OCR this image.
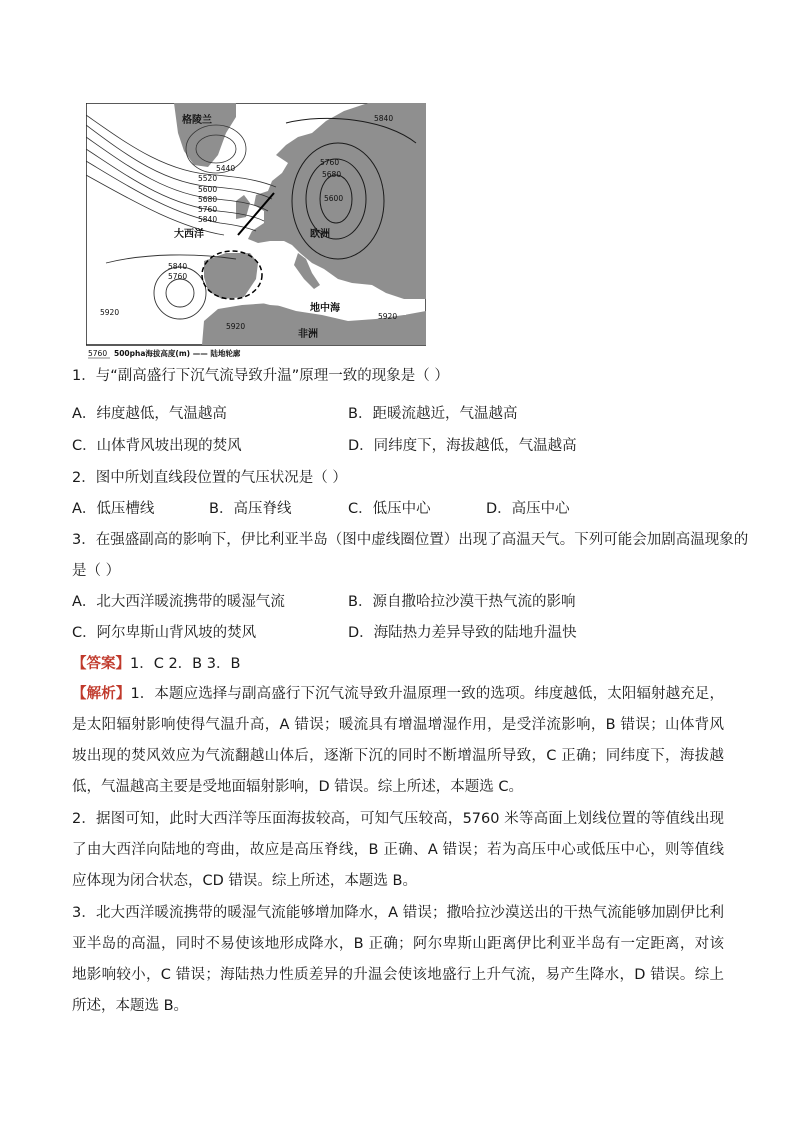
格陵兰
大西洋	欧洲
地中海
非洲
5440
5520
5600
5680
5760
5840
5840
5760
5680
5600
5840
5760
5920
5920
5920
5760 500pha海拔高度(m) —— 陆地轮廓
1．与“副高盛行下沉气流导致升温”原理一致的现象是（ ）
A．纬度越低，气温越高	B．距暖流越近，气温越高
C．山体背风坡出现的焚风	D．同纬度下，海拔越低，气温越高
2．图中所划直线段位置的气压状况是（ ）
A．低压槽线	B．高压脊线	C．低压中心	D．高压中心
3．在强盛副高的影响下，伊比利亚半岛（图中虚线圈位置）出现了高温天气。下列可能会加剧高温现象的
是（ ）
A．北大西洋暖流携带的暖湿气流	B．源自撒哈拉沙漠干热气流的影响
C．阿尔卑斯山背风坡的焚风	D．海陆热力差异导致的陆地升温快
【答案】1．C 2．B 3．B
【解析】1．本题应选择与副高盛行下沉气流导致升温原理一致的选项。纬度越低，太阳辐射越充足，是太阳辐射影响使得气温升高，A 错误；暖流具有增温增湿作用，是受洋流影响，B 错误；山体背风坡出现的焚风效应为气流翻越山体后，逐渐下沉的同时不断增温所导致，C 正确；同纬度下，海拔越低，气温越高主要是受地面辐射影响，D 错误。综上所述，本题选 C。
2．据图可知，此时大西洋等压面海拔较高，可知气压较高，5760 米等高面上划线位置的等值线出现了由大西洋向陆地的弯曲，故应是高压脊线，B 正确、A 错误；若为高压中心或低压中心，则等值线应体现为闭合状态，CD 错误。综上所述，本题选 B。
3．北大西洋暖流携带的暖湿气流能够增加降水，A 错误；撒哈拉沙漠送出的干热气流能够加剧伊比利亚半岛的高温，同时不易使该地形成降水，B 正确；阿尔卑斯山距离伊比利亚半岛有一定距离，对该地影响较小，C 错误；海陆热力性质差异的升温会使该地盛行上升气流，易产生降水，D 错误。综上所述，本题选 B。
